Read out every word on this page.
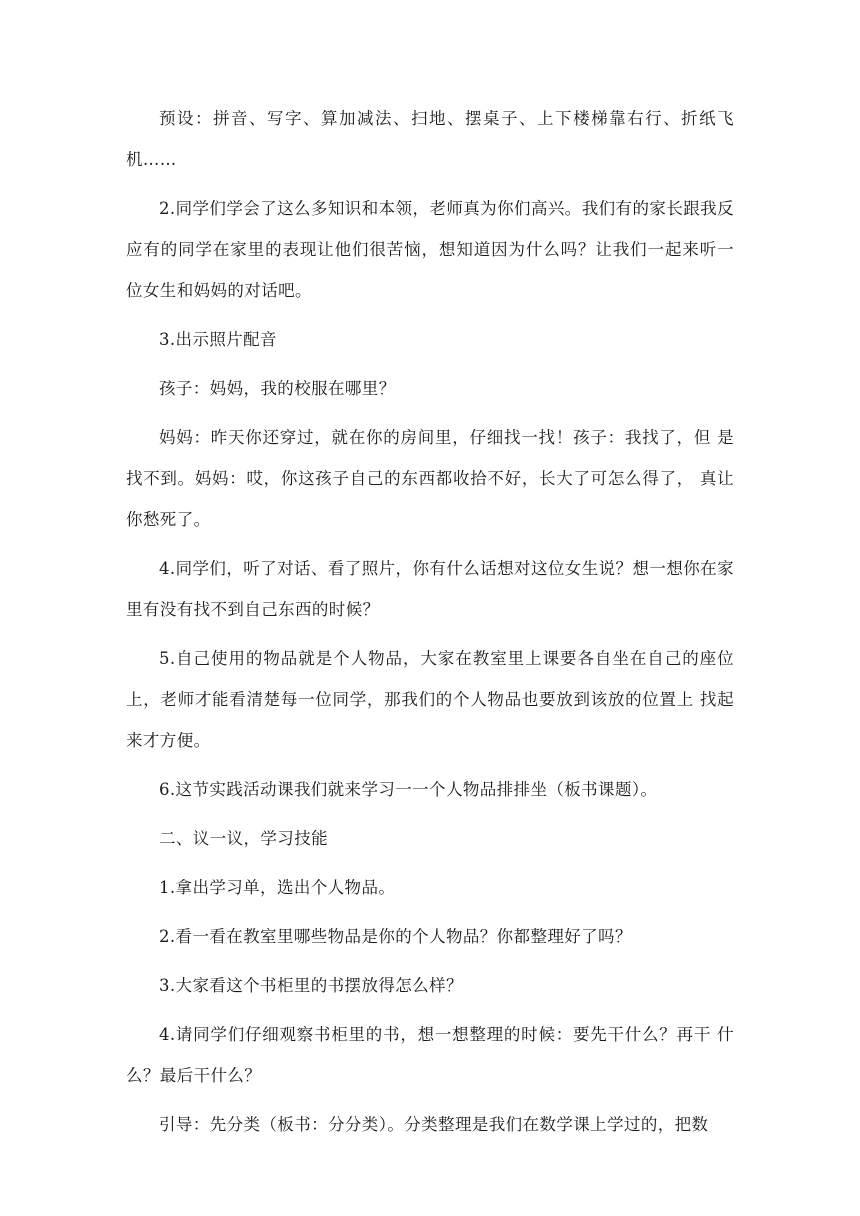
预设：拼音、写字、算加减法、扫地、摆桌子、上下楼梯靠右行、折纸飞机……

2.同学们学会了这么多知识和本领，老师真为你们高兴。我们有的家长跟我反应有的同学在家里的表现让他们很苦恼，想知道因为什么吗？让我们一起来听一位女生和妈妈的对话吧。

3.出示照片配音

孩子：妈妈，我的校服在哪里？

妈妈：昨天你还穿过，就在你的房间里，仔细找一找！孩子：我找了，但 是找不到。妈妈：哎，你这孩子自己的东西都收拾不好，长大了可怎么得了， 真让你愁死了。

4.同学们，听了对话、看了照片，你有什么话想对这位女生说？想一想你在家里有没有找不到自己东西的时候？

5.自己使用的物品就是个人物品，大家在教室里上课要各自坐在自己的座位上，老师才能看清楚每一位同学，那我们的个人物品也要放到该放的位置上 找起来才方便。

6.这节实践活动课我们就来学习一一个人物品排排坐（板书课题）。

二、议一议，学习技能

1.拿出学习单，选出个人物品。

2.看一看在教室里哪些物品是你的个人物品？你都整理好了吗？

3.大家看这个书柜里的书摆放得怎么样？

4.请同学们仔细观察书柜里的书，想一想整理的时候：要先干什么？再干 什么？最后干什么？

引导：先分类（板书：分分类）。分类整理是我们在数学课上学过的，把数
